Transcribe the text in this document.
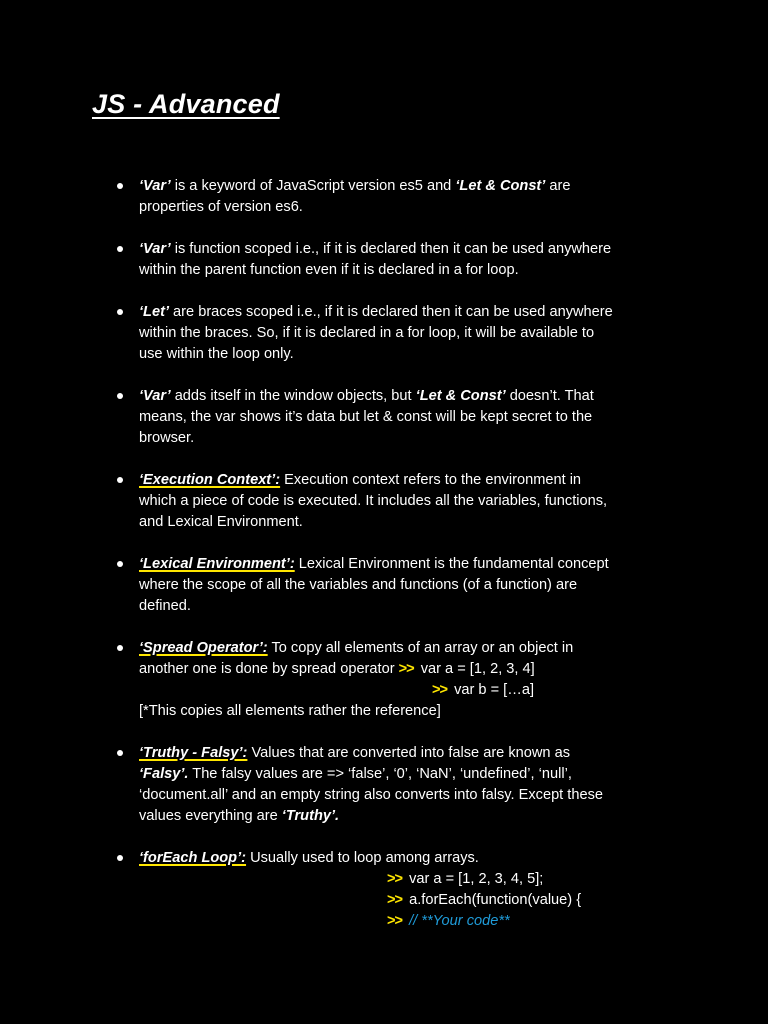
JS - Advanced
‘Var’ is a keyword of JavaScript version es5 and ‘Let & Const’ are
properties of version es6.
‘Var’ is function scoped i.e., if it is declared then it can be used anywhere
within the parent function even if it is declared in a for loop.
‘Let’ are braces scoped i.e., if it is declared then it can be used anywhere
within the braces. So, if it is declared in a for loop, it will be available to
use within the loop only.
‘Var’ adds itself in the window objects, but ‘Let & Const’ doesn’t. That
means, the var shows it’s data but let & const will be kept secret to the
browser.
‘Execution Context’: Execution context refers to the environment in
which a piece of code is executed. It includes all the variables, functions,
and Lexical Environment.
‘Lexical Environment’: Lexical Environment is the fundamental concept
where the scope of all the variables and functions (of a function) are
defined.
‘Spread Operator’: To copy all elements of an array or an object in
another one is done by spread operator >> var a = [1, 2, 3, 4]
>> var b = […a]
[*This copies all elements rather the reference]
‘Truthy - Falsy’: Values that are converted into false are known as
‘Falsy’. The falsy values are => ‘false’, ‘0’, ‘NaN’, ‘undefined’, ‘null’,
‘document.all’ and an empty string also converts into falsy. Except these
values everything are ‘Truthy’.
‘forEach Loop’: Usually used to loop among arrays.
>> var a = [1, 2, 3, 4, 5];
>> a.forEach(function(value) {
>> // **Your code**
